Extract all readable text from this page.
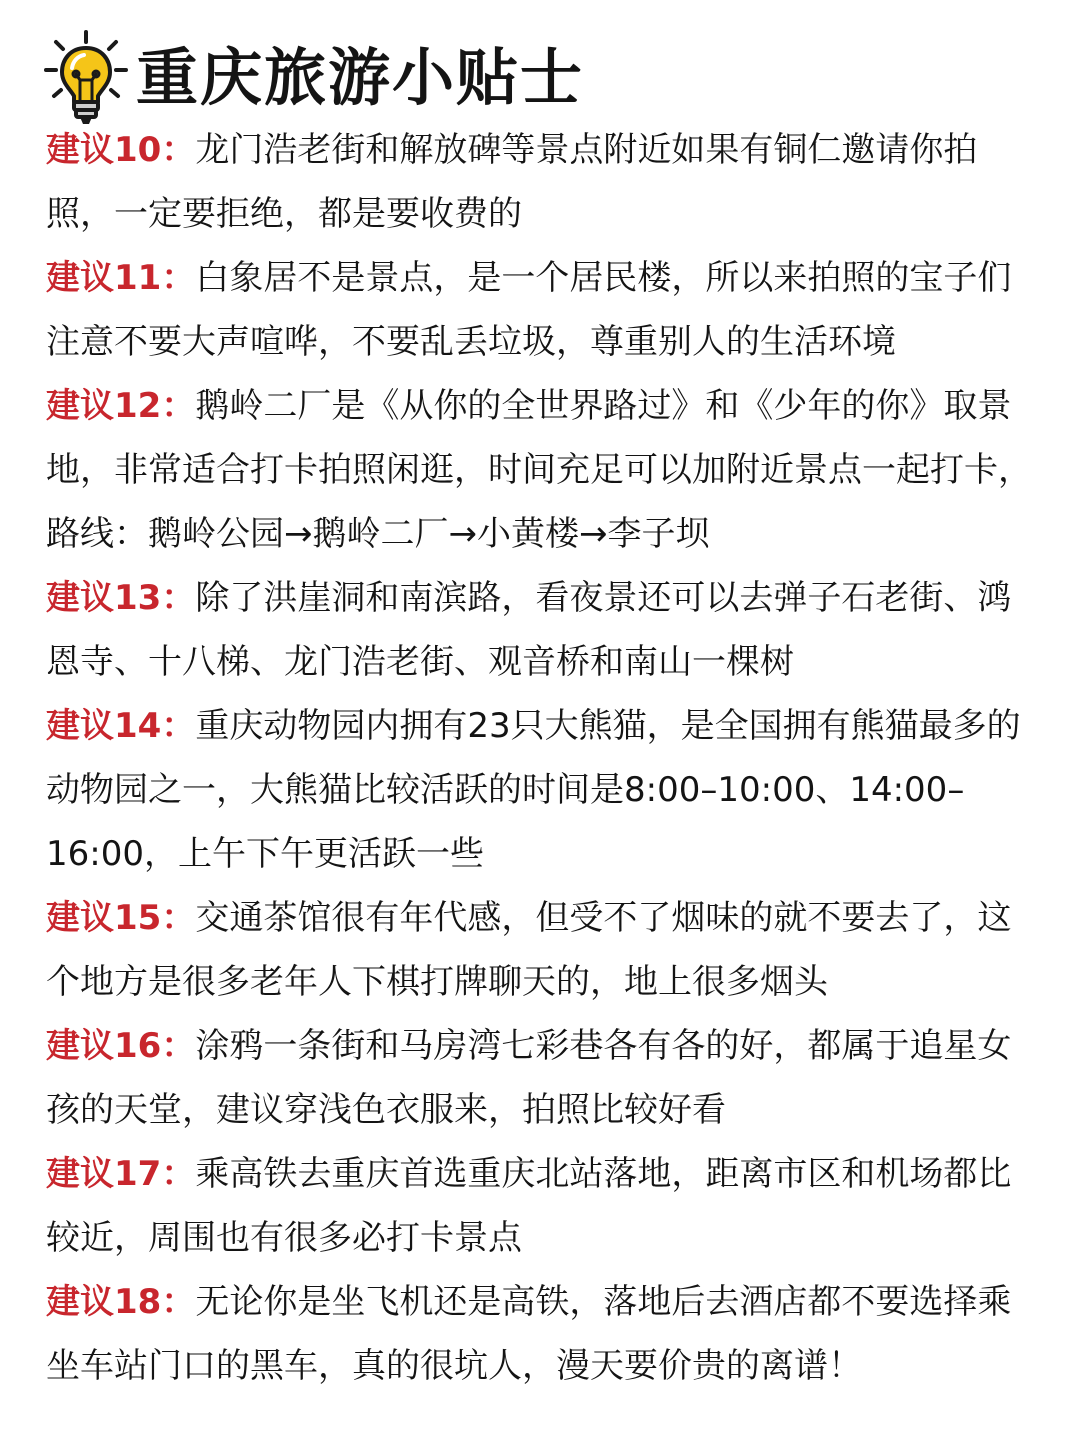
重庆旅游小贴士

建议10：龙门浩老街和解放碑等景点附近如果有铜仁邀请你拍照，一定要拒绝，都是要收费的

建议11：白象居不是景点，是一个居民楼，所以来拍照的宝子们注意不要大声喧哗，不要乱丢垃圾，尊重别人的生活环境

建议12：鹅岭二厂是《从你的全世界路过》和《少年的你》取景地，非常适合打卡拍照闲逛，时间充足可以加附近景点一起打卡，路线：鹅岭公园→鹅岭二厂→小黄楼→李子坝

建议13：除了洪崖洞和南滨路，看夜景还可以去弹子石老街、鸿恩寺、十八梯、龙门浩老街、观音桥和南山一棵树

建议14：重庆动物园内拥有23只大熊猫，是全国拥有熊猫最多的动物园之一，大熊猫比较活跃的时间是8:00–10:00、14:00–16:00，上午下午更活跃一些

建议15：交通茶馆很有年代感，但受不了烟味的就不要去了，这个地方是很多老年人下棋打牌聊天的，地上很多烟头

建议16：涂鸦一条街和马房湾七彩巷各有各的好，都属于追星女孩的天堂，建议穿浅色衣服来，拍照比较好看

建议17：乘高铁去重庆首选重庆北站落地，距离市区和机场都比较近，周围也有很多必打卡景点

建议18：无论你是坐飞机还是高铁，落地后去酒店都不要选择乘坐车站门口的黑车，真的很坑人，漫天要价贵的离谱！
